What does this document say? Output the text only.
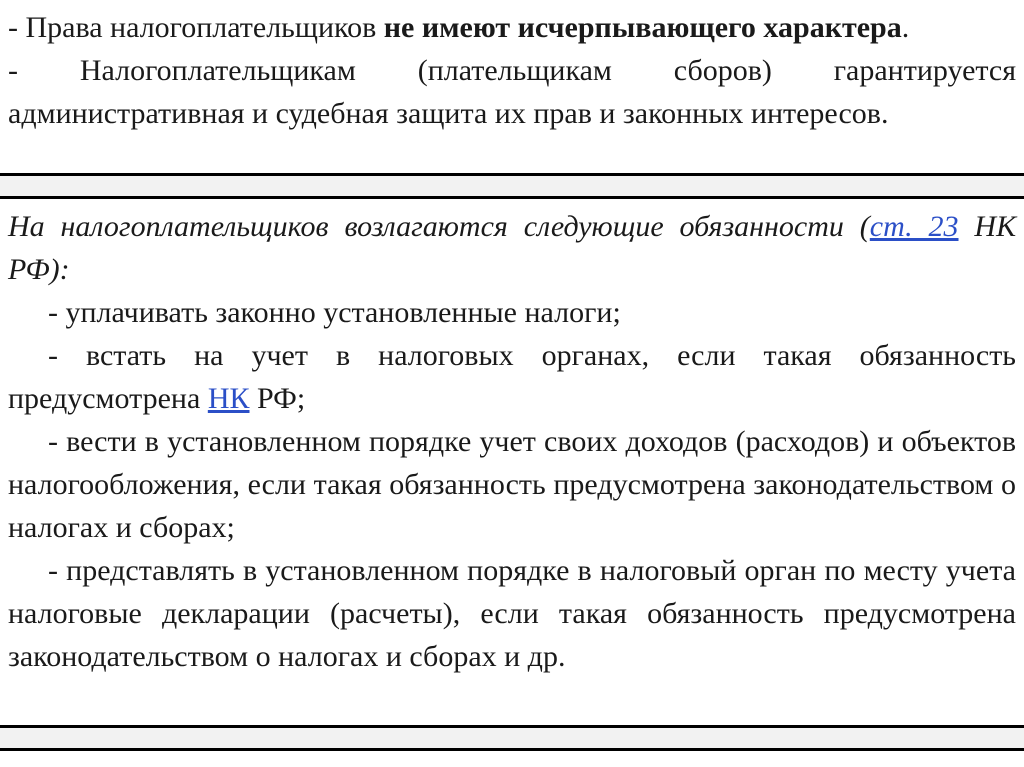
- Права налогоплательщиков не имеют исчерпывающего характера.

- Налогоплательщикам (плательщикам сборов) гарантируется административная и судебная защита их прав и законных интересов.

На налогоплательщиков возлагаются следующие обязанности (ст. 23 НК РФ):

- уплачивать законно установленные налоги;

- встать на учет в налоговых органах, если такая обязанность предусмотрена НК РФ;

- вести в установленном порядке учет своих доходов (расходов) и объектов налогообложения, если такая обязанность предусмотрена законодательством о налогах и сборах;

- представлять в установленном порядке в налоговый орган по месту учета налоговые декларации (расчеты), если такая обязанность предусмотрена законодательством о налогах и сборах и др.
